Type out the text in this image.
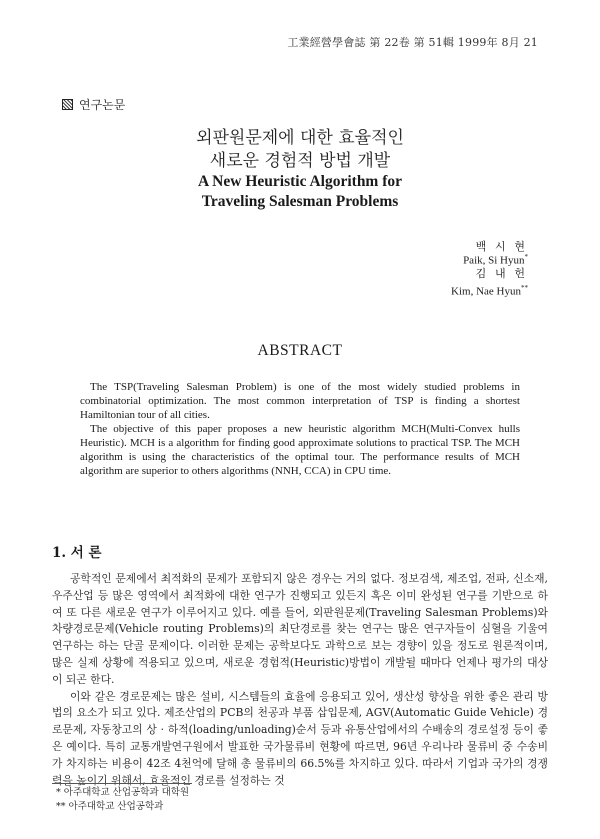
工業經營學會誌 第 22卷 第 51輯 1999年 8月 21
연구논문
외판원문제에 대한 효율적인
새로운 경험적 방법 개발
A New Heuristic Algorithm for
Traveling Salesman Problems
백 시 현
Paik, Si Hyun*
김 내 헌
Kim, Nae Hyun**
ABSTRACT

The TSP(Traveling Salesman Problem) is one of the most widely studied problems in combinatorial optimization. The most common interpretation of TSP is finding a shortest Hamiltonian tour of all cities.

The objective of this paper proposes a new heuristic algorithm MCH(Multi-Convex hulls Heuristic). MCH is a algorithm for finding good approximate solutions to practical TSP. The MCH algorithm is using the characteristics of the optimal tour. The performance results of MCH algorithm are superior to others algorithms (NNH, CCA) in CPU time.

1. 서 론

공학적인 문제에서 최적화의 문제가 포함되지 않은 경우는 거의 없다. 정보검색, 제조업, 전파, 신소재, 우주산업 등 많은 영역에서 최적화에 대한 연구가 진행되고 있든지 혹은 이미 완성된 연구를 기반으로 하여 또 다른 새로운 연구가 이루어지고 있다. 예를 들어, 외판원문제(Traveling Salesman Problems)와 차량경로문제(Vehicle routing Problems)의 최단경로를 찾는 연구는 많은 연구자들이 심혈을 기울여 연구하는 하는 단골 문제이다. 이러한 문제는 공학보다도 과학으로 보는 경향이 있을 정도로 원론적이며, 많은 실제 상황에 적용되고 있으며, 새로운 경험적(Heuristic)방법이 개발될 때마다 언제나 평가의 대상이 되곤 한다.

이와 같은 경로문제는 많은 설비, 시스템들의 효율에 응용되고 있어, 생산성 향상을 위한 좋은 관리 방법의 요소가 되고 있다. 제조산업의 PCB의 천공과 부품 삽입문제, AGV(Automatic Guide Vehicle) 경로문제, 자동창고의 상 · 하적(loading/unloading)순서 등과 유통산업에서의 수배송의 경로설정 등이 좋은 예이다. 특히 교통개발연구원에서 발표한 국가물류비 현황에 따르면, 96년 우리나라 물류비 중 수송비가 차지하는 비용이 42조 4천억에 달해 총 물류비의 66.5%를 차지하고 있다. 따라서 기업과 국가의 경쟁력을 높이기 위해서, 효율적인 경로를 설정하는 것

* 아주대학교 산업공학과 대학원
** 아주대학교 산업공학과
